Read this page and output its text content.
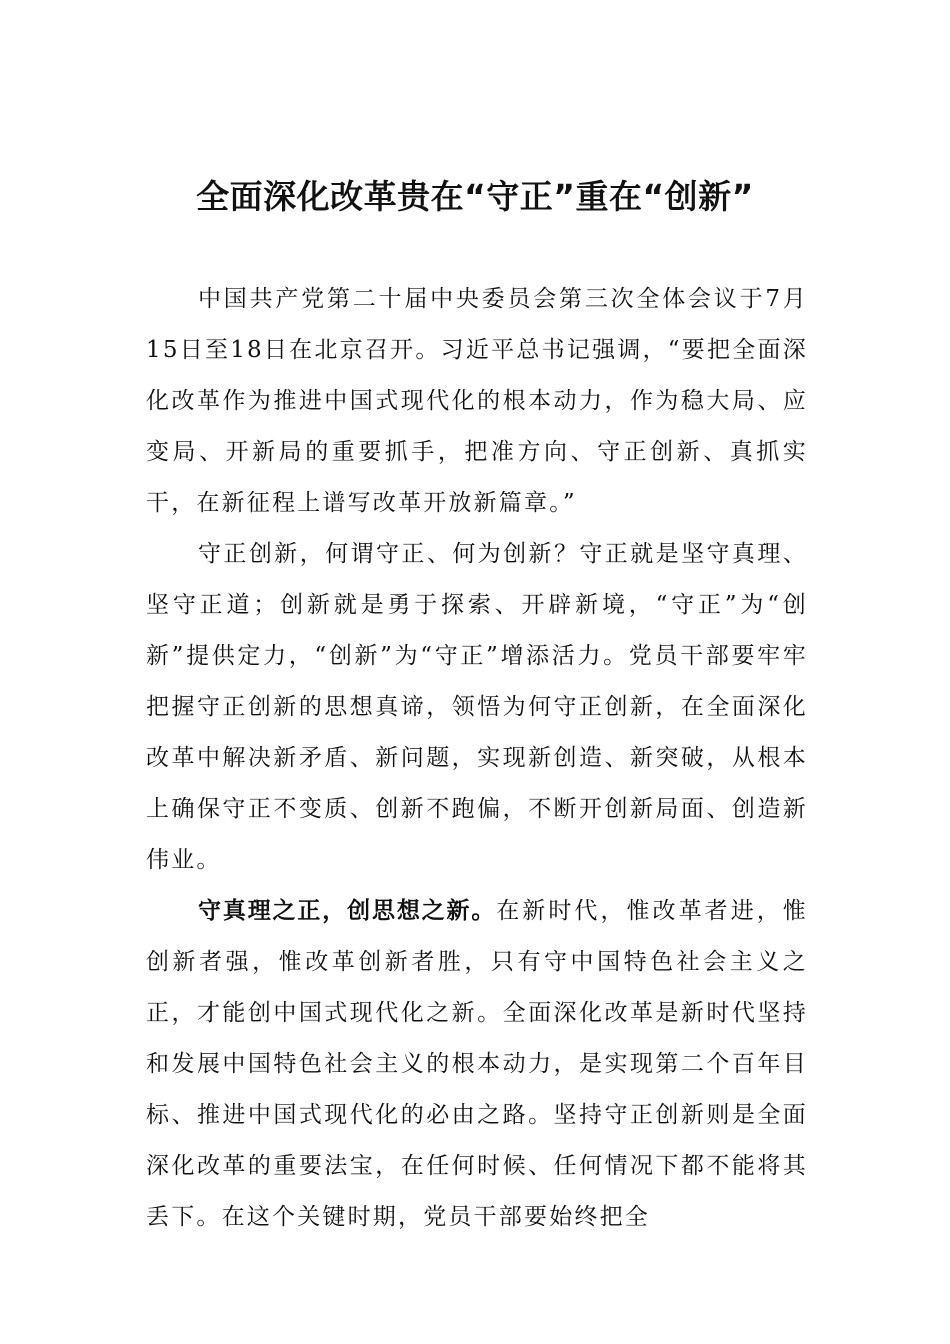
全面深化改革贵在“守正”重在“创新”

中国共产党第二十届中央委员会第三次全体会议于7月15日至18日在北京召开。习近平总书记强调，“要把全面深化改革作为推进中国式现代化的根本动力，作为稳大局、应变局、开新局的重要抓手，把准方向、守正创新、真抓实干，在新征程上谱写改革开放新篇章。”

守正创新，何谓守正、何为创新？守正就是坚守真理、坚守正道；创新就是勇于探索、开辟新境，“守正”为“创新”提供定力，“创新”为“守正”增添活力。党员干部要牢牢把握守正创新的思想真谛，领悟为何守正创新，在全面深化改革中解决新矛盾、新问题，实现新创造、新突破，从根本上确保守正不变质、创新不跑偏，不断开创新局面、创造新伟业。

守真理之正，创思想之新。在新时代，惟改革者进，惟创新者强，惟改革创新者胜，只有守中国特色社会主义之正，才能创中国式现代化之新。全面深化改革是新时代坚持和发展中国特色社会主义的根本动力，是实现第二个百年目标、推进中国式现代化的必由之路。坚持守正创新则是全面深化改革的重要法宝，在任何时候、任何情况下都不能将其丢下。在这个关键时期，党员干部要始终把全
